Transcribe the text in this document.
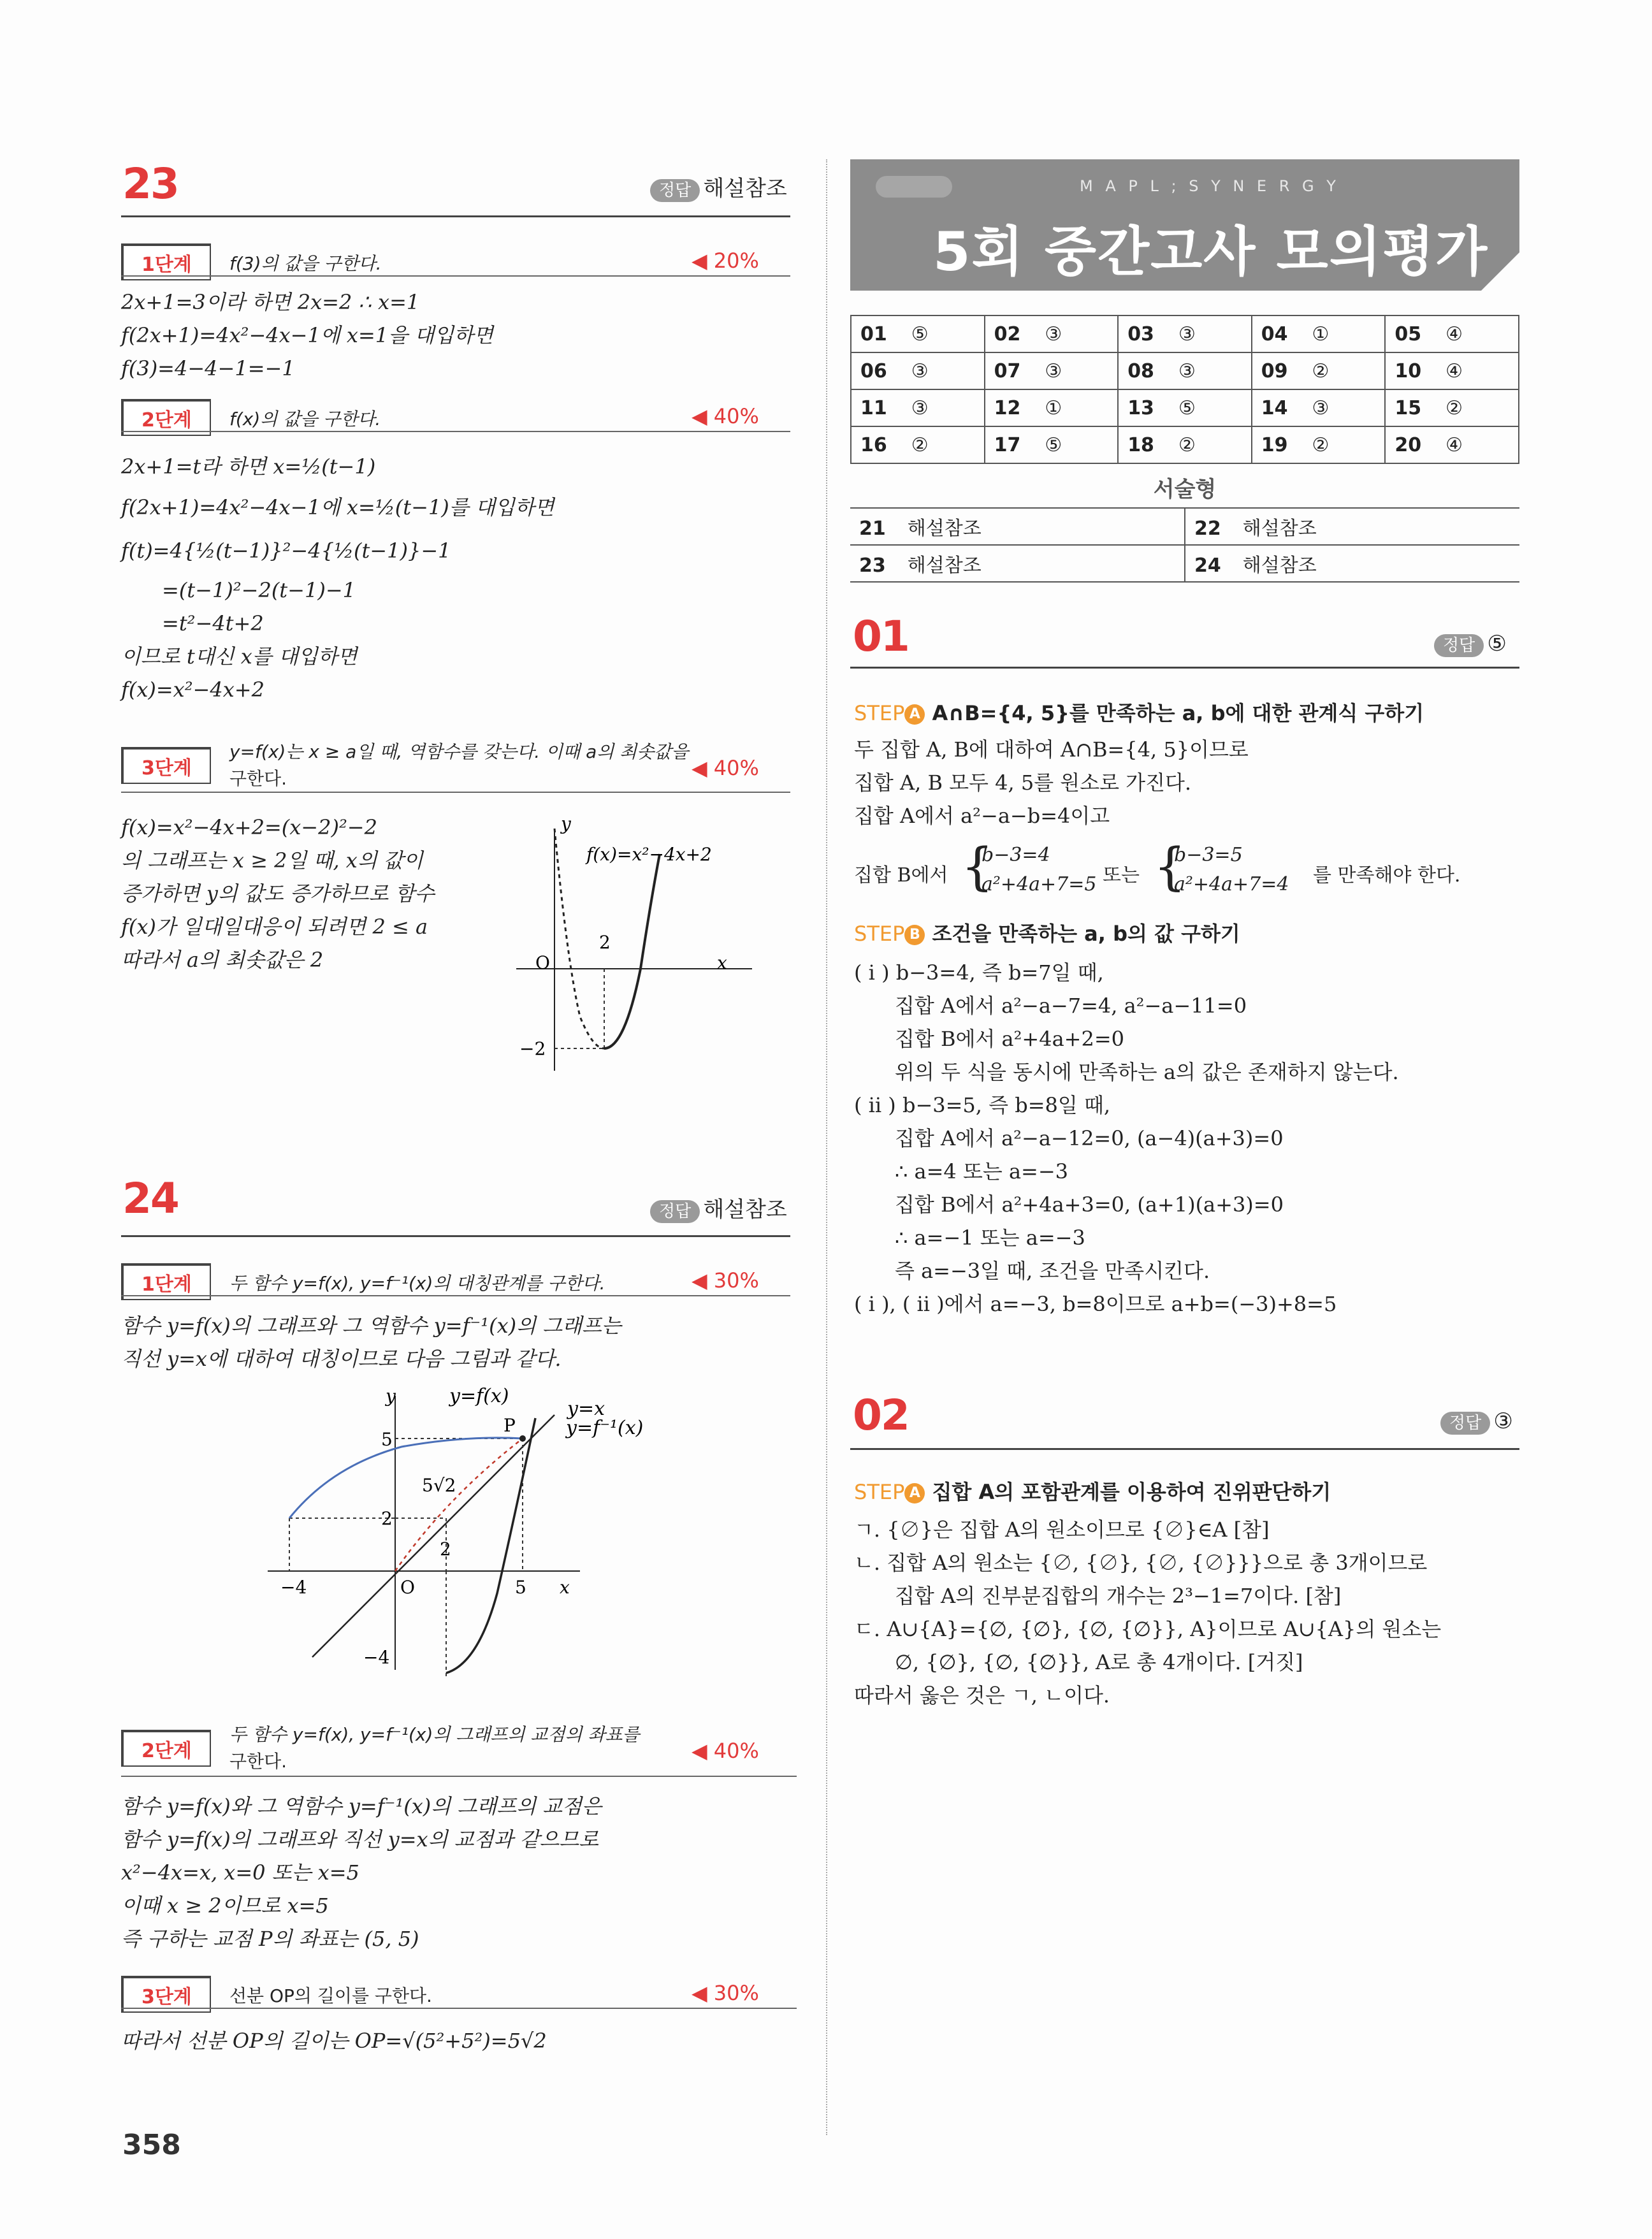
23	정답 해설참조
1단계	f(3)의 값을 구한다.	◀ 20%
2x+1=3이라 하면 2x=2 ∴ x=1
f(2x+1)=4x²−4x−1에 x=1을 대입하면
f(3)=4−4−1=−1
2단계	f(x)의 값을 구한다.	◀ 40%
2x+1=t라 하면 x=½(t−1)
f(2x+1)=4x²−4x−1에 x=½(t−1)를 대입하면
f(t)=4{½(t−1)}²−4{½(t−1)}−1
=(t−1)²−2(t−1)−1
=t²−4t+2
이므로 t대신 x를 대입하면
f(x)=x²−4x+2
3단계
y=f(x)는 x ≥ a일 때, 역함수를 갖는다. 이때 a의 최솟값을
구한다.	◀ 40%
f(x)=x²−4x+2=(x−2)²−2
의 그래프는 x ≥ 2일 때, x의 값이
증가하면 y의 값도 증가하므로 함수
f(x)가 일대일대응이 되려면 2 ≤ a
따라서 a의 최솟값은 2
y
f(x)=x²−4x+2
O
2
x
−2
24	정답 해설참조
1단계	두 함수 y=f(x), y=f⁻¹(x)의 대칭관계를 구한다.	◀ 30%
함수 y=f(x)의 그래프와 그 역함수 y=f⁻¹(x)의 그래프는
직선 y=x에 대하여 대칭이므로 다음 그림과 같다.
y	y=f(x)
y=x
y=f⁻¹(x)
P
5
5√2
2
2
−4	O	5 x
−4
2단계
두 함수 y=f(x), y=f⁻¹(x)의 그래프의 교점의 좌표를
구한다.	◀ 40%
함수 y=f(x)와 그 역함수 y=f⁻¹(x)의 그래프의 교점은
함수 y=f(x)의 그래프와 직선 y=x의 교점과 같으므로
x²−4x=x, x=0 또는 x=5
이때 x ≥ 2이므로 x=5
즉 구하는 교점 P의 좌표는 (5, 5)
3단계	선분 OP의 길이를 구한다.	◀ 30%
따라서 선분 OP의 길이는 OP=√(5²+5²)=5√2
358
M A P L ; S Y N E R G Y
5회 중간고사 모의평가
01 ⑤	02 ③	03 ③	04 ①	05 ④
06 ③	07 ③	08 ③	09 ②	10 ④
11 ③	12 ①	13 ⑤	14 ③	15 ②
16 ②	17 ⑤	18 ②	19 ②	20 ④
서술형
21 해설참조	22 해설참조
23 해설참조	24 해설참조
01	정답 ⑤
STEP A A∩B={4, 5}를 만족하는 a, b에 대한 관계식 구하기
두 집합 A, B에 대하여 A∩B={4, 5}이므로
집합 A, B 모두 4, 5를 원소로 가진다.
집합 A에서 a²−a−b=4이고
집합 B에서 {
b−3=4
a²+4a+7=5 또는 {
b−3=5
a²+4a+7=4 를 만족해야 한다.
STEP B 조건을 만족하는 a, b의 값 구하기
( i ) b−3=4, 즉 b=7일 때,
집합 A에서 a²−a−7=4, a²−a−11=0
집합 B에서 a²+4a+2=0
위의 두 식을 동시에 만족하는 a의 값은 존재하지 않는다.
( ii ) b−3=5, 즉 b=8일 때,
집합 A에서 a²−a−12=0, (a−4)(a+3)=0
∴ a=4 또는 a=−3
집합 B에서 a²+4a+3=0, (a+1)(a+3)=0
∴ a=−1 또는 a=−3
즉 a=−3일 때, 조건을 만족시킨다.
( i ), ( ii )에서 a=−3, b=8이므로 a+b=(−3)+8=5
02	정답 ③
STEP A 집합 A의 포함관계를 이용하여 진위판단하기
ㄱ. {∅}은 집합 A의 원소이므로 {∅}∈A [참]
ㄴ. 집합 A의 원소는 {∅, {∅}, {∅, {∅}}}으로 총 3개이므로
집합 A의 진부분집합의 개수는 2³−1=7이다. [참]
ㄷ. A∪{A}={∅, {∅}, {∅, {∅}}, A}이므로 A∪{A}의 원소는
∅, {∅}, {∅, {∅}}, A로 총 4개이다. [거짓]
따라서 옳은 것은 ㄱ, ㄴ이다.
